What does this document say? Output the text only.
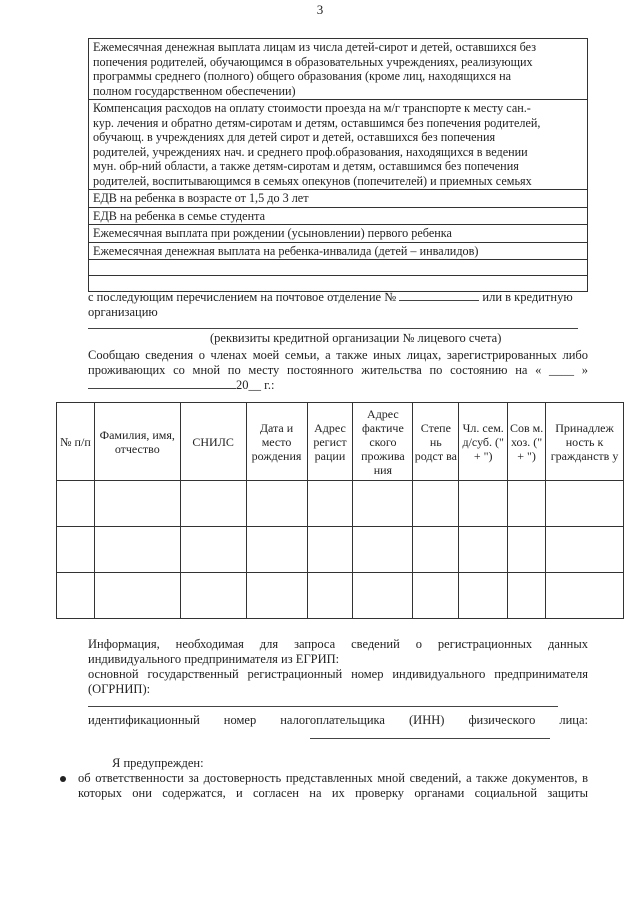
3
Ежемесячная денежная выплата лицам из числа детей-сирот и детей, оставшихся без
попечения родителей, обучающимся в образовательных учреждениях, реализующих
программы среднего (полного) общего образования (кроме лиц, находящихся на
полном государственном обеспечении)

Компенсация расходов на оплату стоимости проезда на м/г транспорте к месту сан.-
кур. лечения и обратно детям-сиротам и детям, оставшимся без попечения родителей,
обучающ. в учреждениях для детей сирот и детей, оставшихся без попечения
родителей, учреждениях нач. и среднего проф.образования, находящихся в ведении
мун. обр-ний области, а также детям-сиротам и детям, оставшимся без попечения
родителей, воспитывающимся в семьях опекунов (попечителей) и приемных семьях

ЕДВ на ребенка в возрасте от 1,5 до 3 лет

ЕДВ на ребенка в семье студента

Ежемесячная выплата при рождении (усыновлении) первого ребенка

Ежемесячная денежная выплата на ребенка-инвалида (детей – инвалидов)

с последующим перечислением на почтовое отделение №	или в кредитную
организацию
(реквизиты кредитной организации № лицевого счета)
Сообщаю сведения о членах моей семьи, а также иных лицах, зарегистрированных либо
проживающих со мной по месту постоянного жительства по состоянию на « ____ »
20__ г.:
№ п/п	Фамилия, имя, отчество	СНИЛС	Дата и место рождения	Адрес регист рации	Адрес фактиче ского прожива ния	Степе нь родст ва	Чл. сем. д/суб. (" + ")	Сов м. хоз. (" + ")	Принадлеж ность к гражданств у

Информация, необходимая для запроса сведений о регистрационных данных
индивидуального предпринимателя из ЕГРИП:
основной государственный регистрационный номер индивидуального предпринимателя
(ОГРНИП):
идентификационный номер налогоплательщика (ИНН) физического лица:
Я предупрежден:
об ответственности за достоверность представленных мной сведений, а также документов, в
которых они содержатся, и согласен на их проверку органами социальной защиты
